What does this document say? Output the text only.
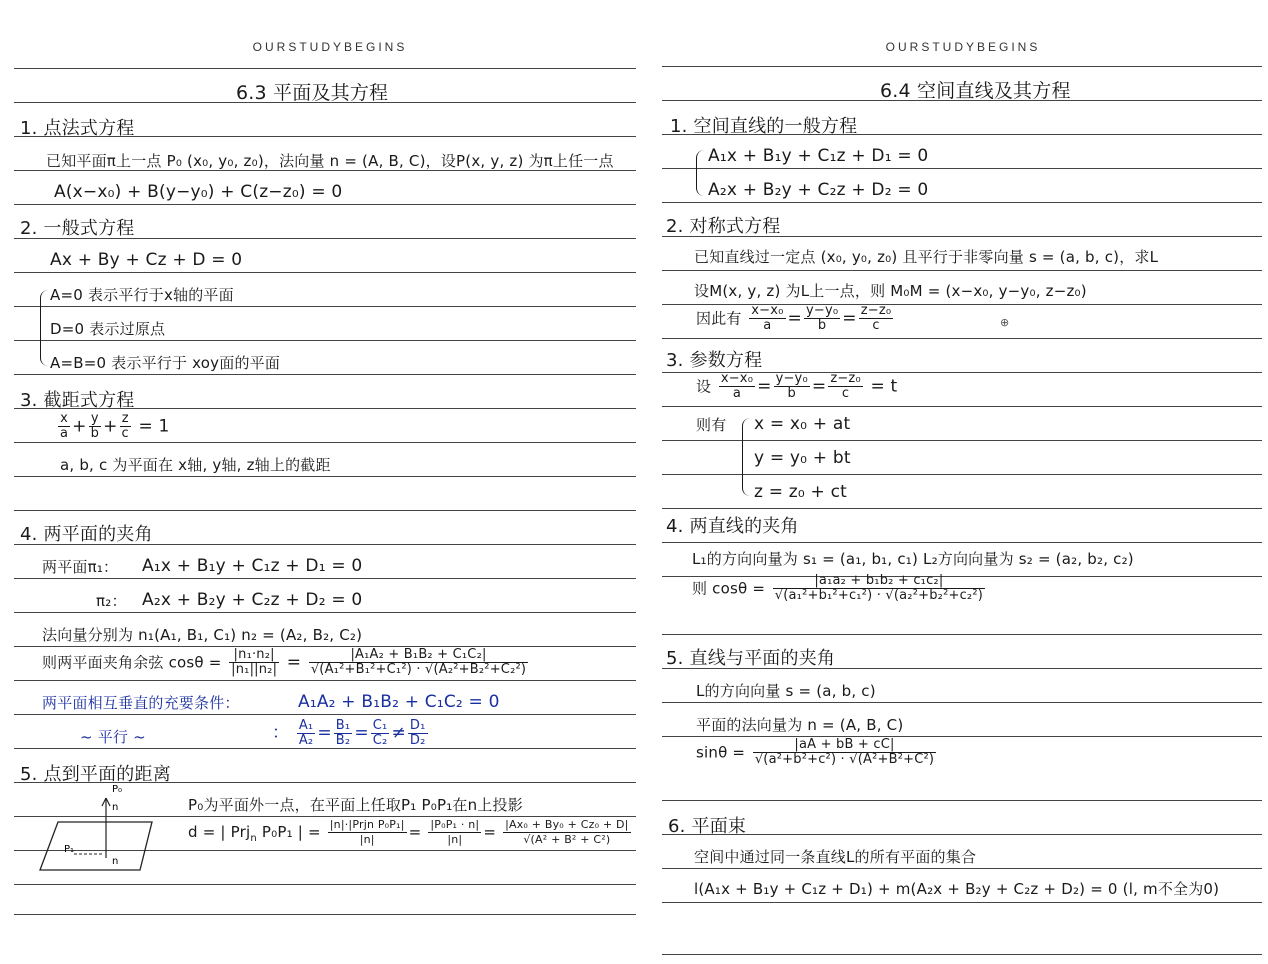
OURSTUDYBEGINS
6.3 平面及其方程
1. 点法式方程
已知平面π上一点 P₀ (x₀, y₀, z₀)，法向量 n = (A, B, C)，设P(x, y, z) 为π上任一点
A(x−x₀) + B(y−y₀) + C(z−z₀) = 0
2. 一般式方程
Ax + By + Cz + D = 0
A=0 表示平行于x轴的平面
D=0 表示过原点
A=B=0 表示平行于 xoy面的平面
3. 截距式方程
$\frac{x}{a} + \frac{y}{b} + \frac{z}{c} = 1$
a, b, c 为平面在 x轴, y轴, z轴上的截距
4. 两平面的夹角
两平面π₁： A₁x + B₁y + C₁z + D₁ = 0
π₂： A₂x + B₂y + C₂z + D₂ = 0
法向量分别为 n₁(A₁, B₁, C₁) n₂ = (A₂, B₂, C₂)
则两平面夹角余弦 $\cos\theta = \frac{\text{|n₁·n₂|}}{\text{|n₁||n₂|}} = \frac{\text{|A₁A₂ + B₁B₂ + C₁C₂|}}{\text{√(A₁²+B₁²+C₁²) · √(A₂²+B₂²+C₂²)}}$
两平面相互垂直的充要条件：	A₁A₂ + B₁B₂ + C₁C₂ = 0
~ 平行 ~	： $\frac{\text{A₁}}{\text{A₂}} = \frac{\text{B₁}}{\text{B₂}} = \frac{\text{C₁}}{\text{C₂}} \ne \frac{\text{D₁}}{\text{D₂}}$
5. 点到平面的距离
P₀
n
P₁
n
P₀为平面外一点，在平面上任取P₁ P₀P₁在n上投影
d = | Prj$_n$ P₀P₁ | = $\frac{\text{|n|·|Prjn P₀P₁|}}{|n|} = \frac{\text{|P₀P₁ · n|}}{|n|} = \frac{\text{|Ax₀ + By₀ + Cz₀ + D|}}{\text{√(A² + B² + C²)}}$
OURSTUDYBEGINS
6.4 空间直线及其方程
1. 空间直线的一般方程
A₁x + B₁y + C₁z + D₁ = 0
A₂x + B₂y + C₂z + D₂ = 0
2. 对称式方程
已知直线过一定点 (x₀, y₀, z₀) 且平行于非零向量 s = (a, b, c)，求L
设M(x, y, z) 为L上一点，则 M₀M = (x−x₀, y−y₀, z−z₀)
因此有 $\frac{\text{x−x₀}}{a} = \frac{\text{y−y₀}}{b} = \frac{\text{z−z₀}}{c}$	⊕
3. 参数方程
设 $\frac{\text{x−x₀}}{a} = \frac{\text{y−y₀}}{b} = \frac{\text{z−z₀}}{c} = t$
则有 x = x₀ + at
y = y₀ + bt
z = z₀ + ct
4. 两直线的夹角
L₁的方向向量为 s₁ = (a₁, b₁, c₁) L₂方向向量为 s₂ = (a₂, b₂, c₂)
则 $\cos\theta = \frac{\text{|a₁a₂ + b₁b₂ + c₁c₂|}}{\text{√(a₁²+b₁²+c₁²) · √(a₂²+b₂²+c₂²)}}$
5. 直线与平面的夹角
L的方向向量 s = (a, b, c)
平面的法向量为 n = (A, B, C)
$\sin\theta = \frac{|aA + bB + cC|}{\text{√(a²+b²+c²) · √(A²+B²+C²)}}$
6. 平面束
空间中通过同一条直线L的所有平面的集合
l(A₁x + B₁y + C₁z + D₁) + m(A₂x + B₂y + C₂z + D₂) = 0 (l, m不全为0)
